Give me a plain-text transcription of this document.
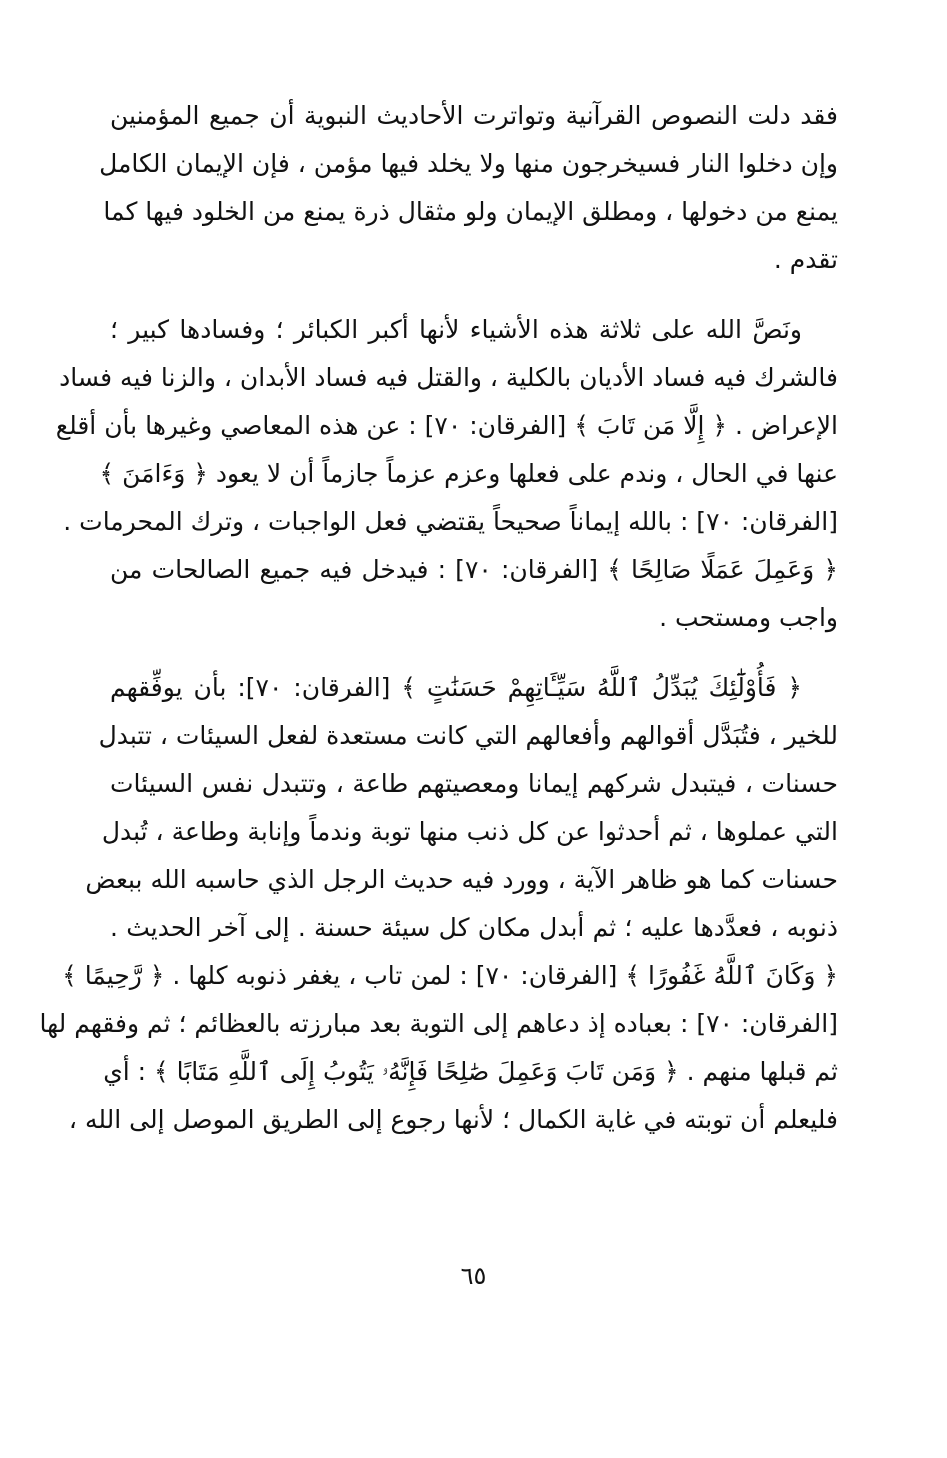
فقد دلت النصوص القرآنية وتواترت الأحاديث النبوية أن جميع المؤمنين
وإن دخلوا النار فسيخرجون منها ولا يخلد فيها مؤمن ، فإن الإيمان الكامل
يمنع من دخولها ، ومطلق الإيمان ولو مثقال ذرة يمنع من الخلود فيها كما
تقدم .
ونَصَّ الله على ثلاثة هذه الأشياء لأنها أكبر الكبائر ؛ وفسادها كبير ؛
فالشرك فيه فساد الأديان بالكلية ، والقتل فيه فساد الأبدان ، والزنا فيه فساد
الإعراض . ﴿ إِلَّا مَن تَابَ ﴾ [الفرقان: ٧٠] : عن هذه المعاصي وغيرها بأن أقلع
عنها في الحال ، وندم على فعلها وعزم عزماً جازماً أن لا يعود ﴿ وَءَامَنَ ﴾
[الفرقان: ٧٠] : بالله إيماناً صحيحاً يقتضي فعل الواجبات ، وترك المحرمات .
﴿ وَعَمِلَ عَمَلًا صَالِحًا ﴾ [الفرقان: ٧٠] : فيدخل فيه جميع الصالحات من
واجب ومستحب .
﴿ فَأُوْلَٰٓئِكَ يُبَدِّلُ ٱللَّهُ سَيِّـَٔاتِهِمْ حَسَنَٰتٍ ﴾ [الفرقان: ٧٠]: بأن يوفِّقهم
للخير ، فتُبَدَّل أقوالهم وأفعالهم التي كانت مستعدة لفعل السيئات ، تتبدل
حسنات ، فيتبدل شركهم إيمانا ومعصيتهم طاعة ، وتتبدل نفس السيئات
التي عملوها ، ثم أحدثوا عن كل ذنب منها توبة وندماً وإنابة وطاعة ، تُبدل
حسنات كما هو ظاهر الآية ، وورد فيه حديث الرجل الذي حاسبه الله ببعض
ذنوبه ، فعدَّدها عليه ؛ ثم أبدل مكان كل سيئة حسنة . إلى آخر الحديث .
﴿ وَكَانَ ٱللَّهُ غَفُورًا ﴾ [الفرقان: ٧٠] : لمن تاب ، يغفر ذنوبه كلها . ﴿ رَّحِيمًا ﴾
[الفرقان: ٧٠] : بعباده إذ دعاهم إلى التوبة بعد مبارزته بالعظائم ؛ ثم وفقهم لها
ثم قبلها منهم . ﴿ وَمَن تَابَ وَعَمِلَ صَٰلِحًا فَإِنَّهُۥ يَتُوبُ إِلَى ٱللَّهِ مَتَابًا ﴾ : أي
فليعلم أن توبته في غاية الكمال ؛ لأنها رجوع إلى الطريق الموصل إلى الله ،
٦٥
